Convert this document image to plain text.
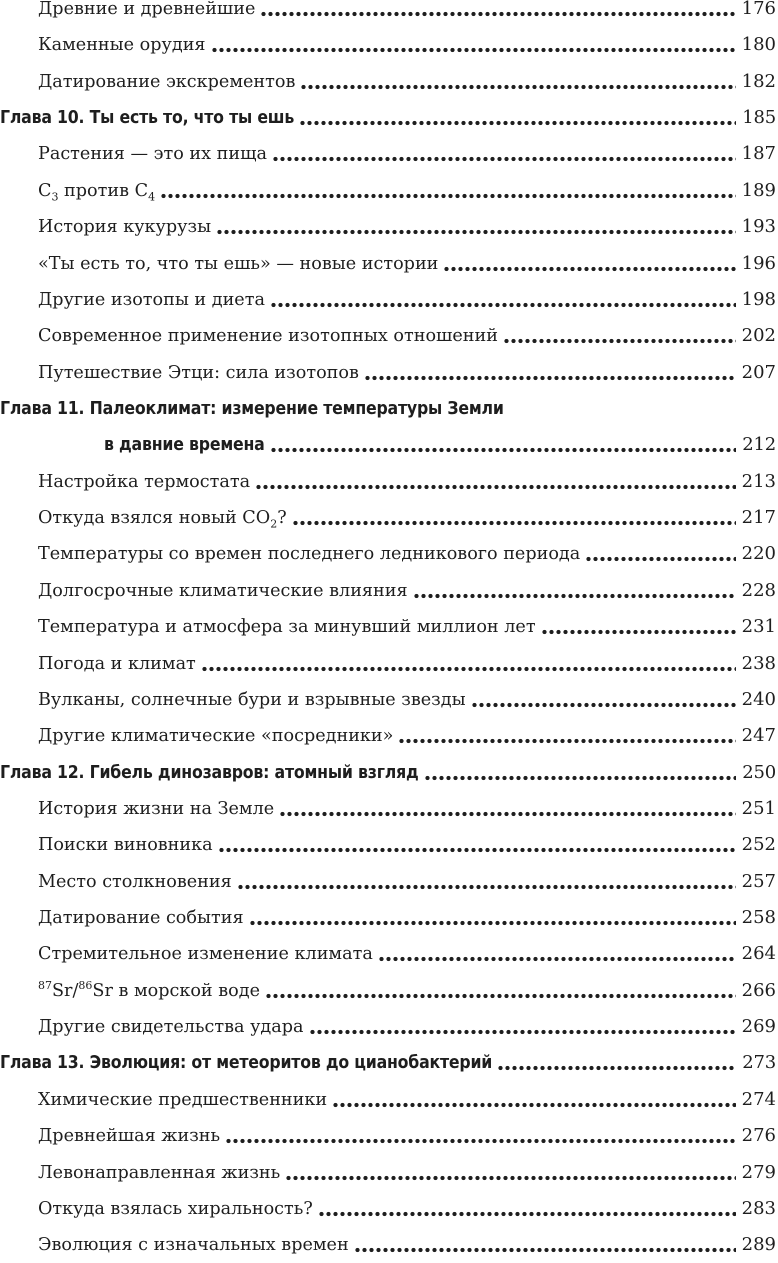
Древние и древнейшие	176
Каменные орудия	180
Датирование экскрементов	182
Глава 10. Ты есть то, что ты ешь	185
Растения — это их пища	187
$C_3$ против $C_4$	189
История кукурузы	193
«Ты есть то, что ты ешь» — новые истории	196
Другие изотопы и диета	198
Современное применение изотопных отношений	202
Путешествие Этци: сила изотопов	207
Глава 11. Палеоклимат: измерение температуры Земли
в давние времена	212
Настройка термостата	213
Откуда взялся новый $CO_2$?	217
Температуры со времен последнего ледникового периода	220
Долгосрочные климатические влияния	228
Температура и атмосфера за минувший миллион лет	231
Погода и климат	238
Вулканы, солнечные бури и взрывные звезды	240
Другие климатические «посредники»	247
Глава 12. Гибель динозавров: атомный взгляд	250
История жизни на Земле	251
Поиски виновника	252
Место столкновения	257
Датирование события	258
Стремительное изменение климата	264
$^{87}$Sr/$^{86}$Sr в морской воде	266
Другие свидетельства удара	269
Глава 13. Эволюция: от метеоритов до цианобактерий	273
Химические предшественники	274
Древнейшая жизнь	276
Левонаправленная жизнь	279
Откуда взялась хиральность?	283
Эволюция с изначальных времен	289
